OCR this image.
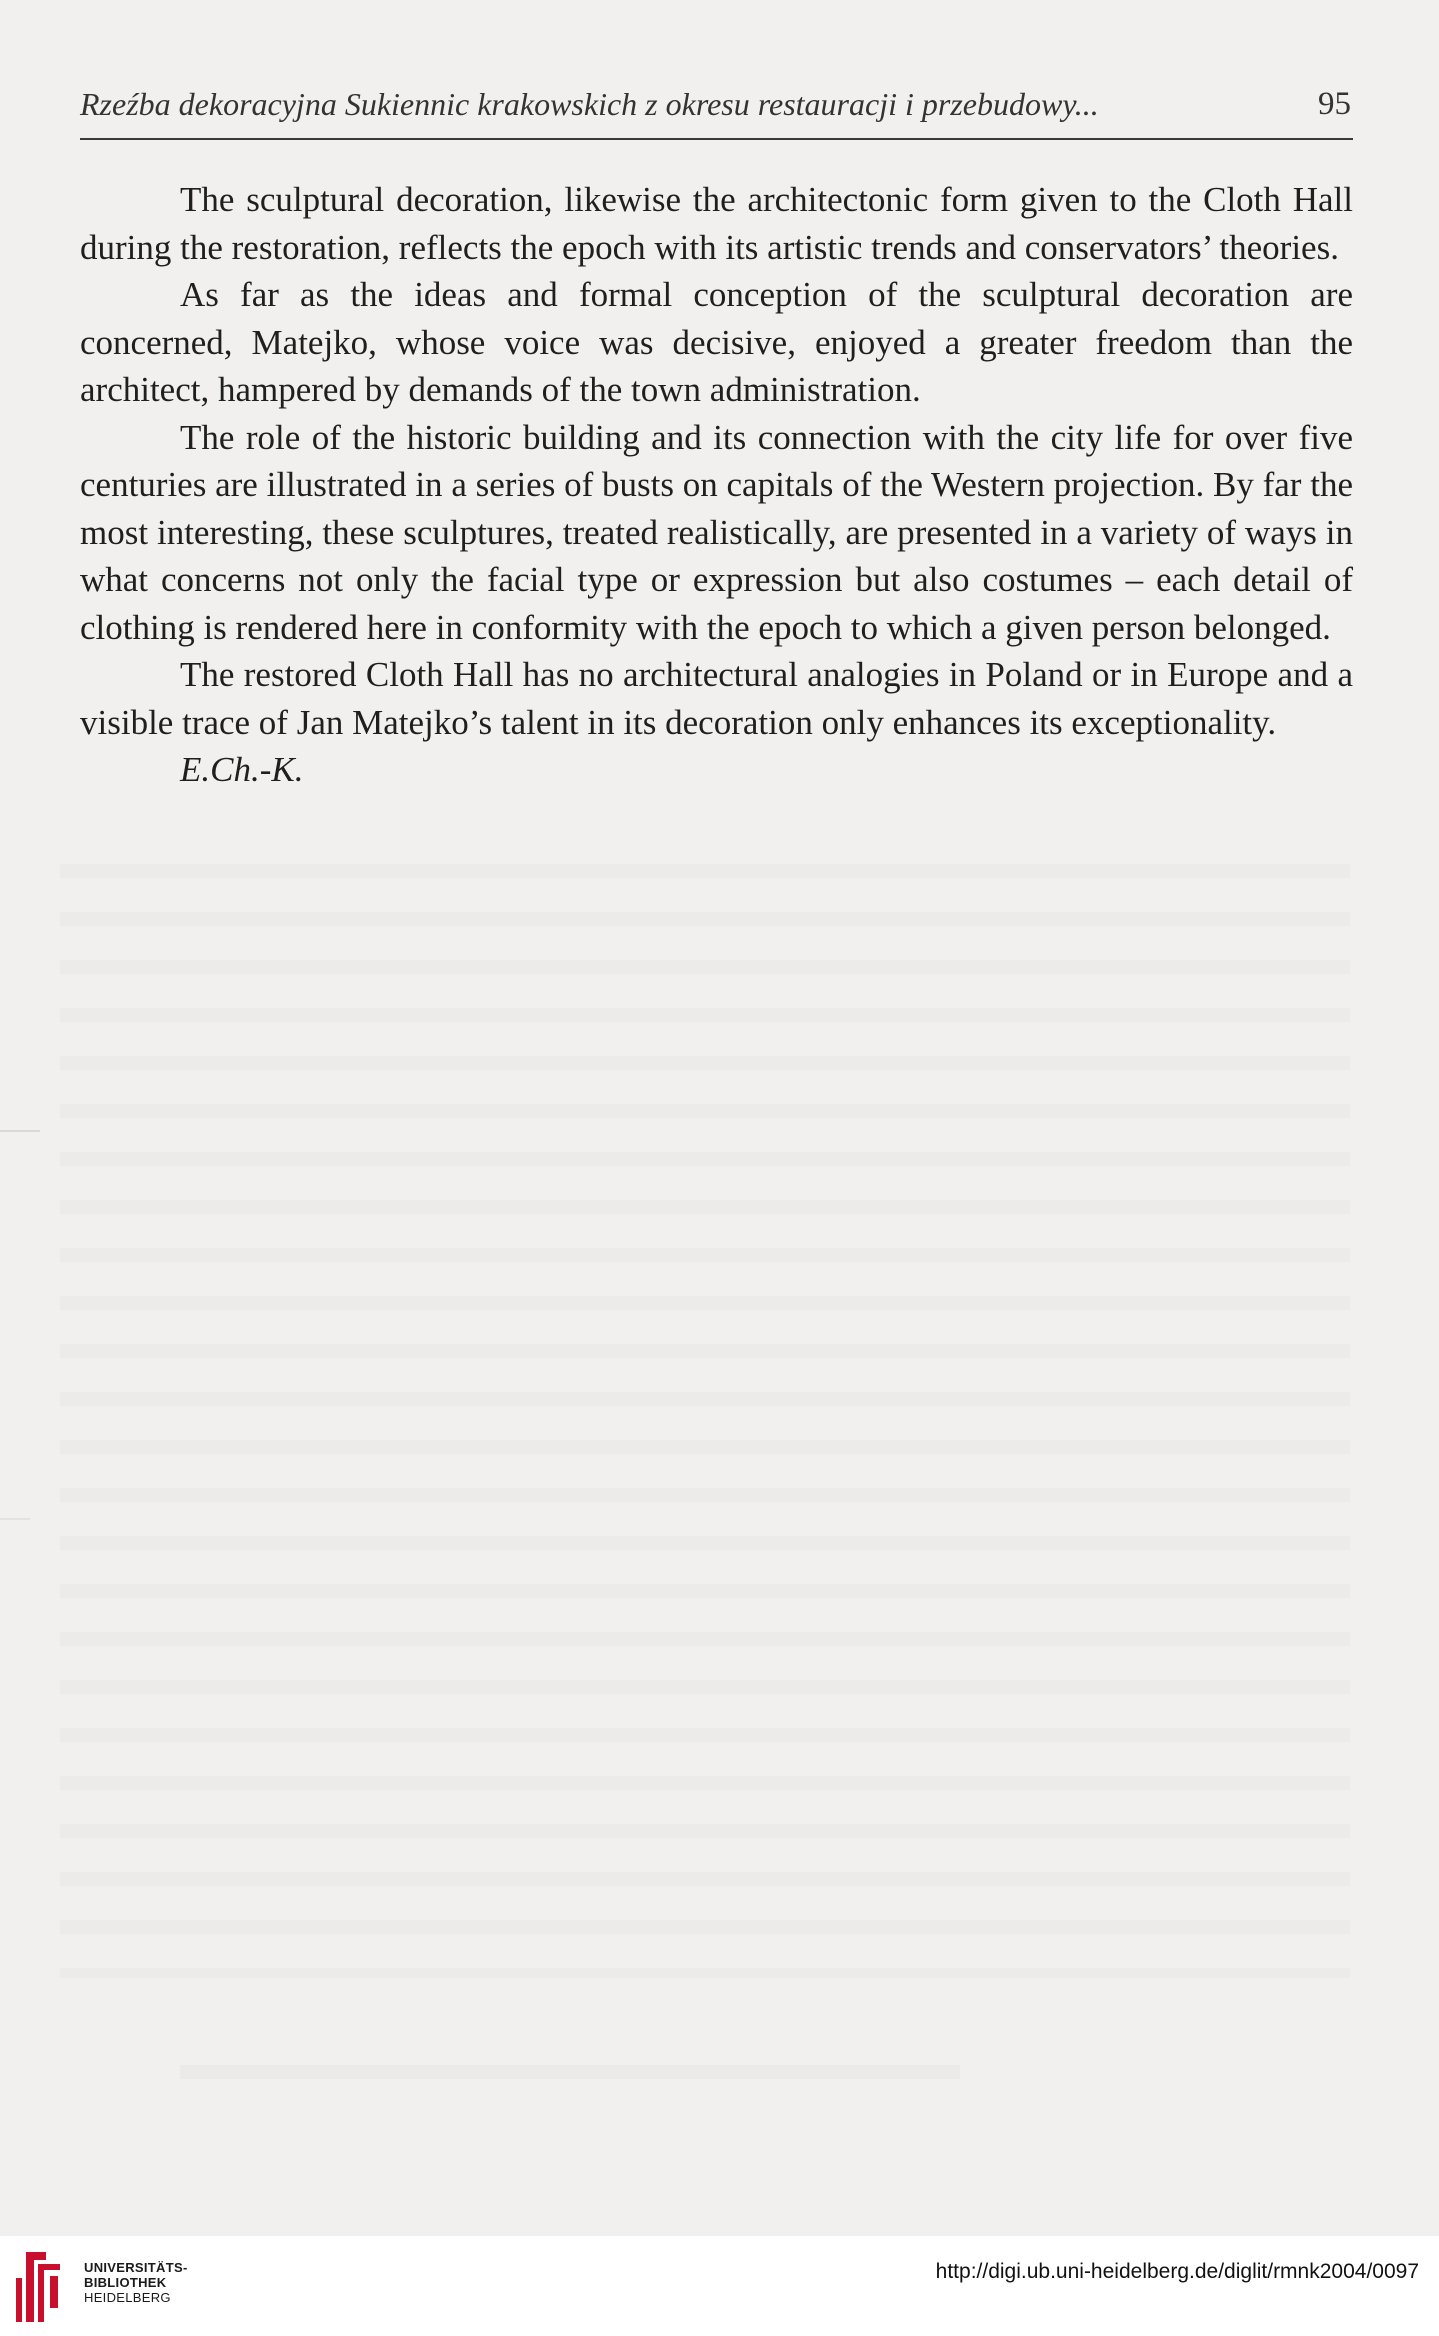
Rzeźba dekoracyjna Sukiennic krakowskich z okresu restauracji i przebudowy...	95

The sculptural decoration, likewise the architectonic form given to the Cloth Hall during the restoration, reflects the epoch with its artistic trends and conservators’ theories.

As far as the ideas and formal conception of the sculptural decoration are concerned, Matejko, whose voice was decisive, enjoyed a greater freedom than the architect, hampered by demands of the town administration.

The role of the historic building and its connection with the city life for over five centuries are illustrated in a series of busts on capitals of the Western projection. By far the most interesting, these sculptures, treated realistically, are presented in a variety of ways in what concerns not only the facial type or expression but also costumes – each detail of clothing is rendered here in conformity with the epoch to which a given person belonged.

The restored Cloth Hall has no architectural analogies in Poland or in Europe and a visible trace of Jan Matejko’s talent in its decoration only enhances its exceptionality.

E.Ch.-K.

UNIVERSITÄTS-
BIBLIOTHEK
HEIDELBERG
http://digi.ub.uni-heidelberg.de/diglit/rmnk2004/0097
